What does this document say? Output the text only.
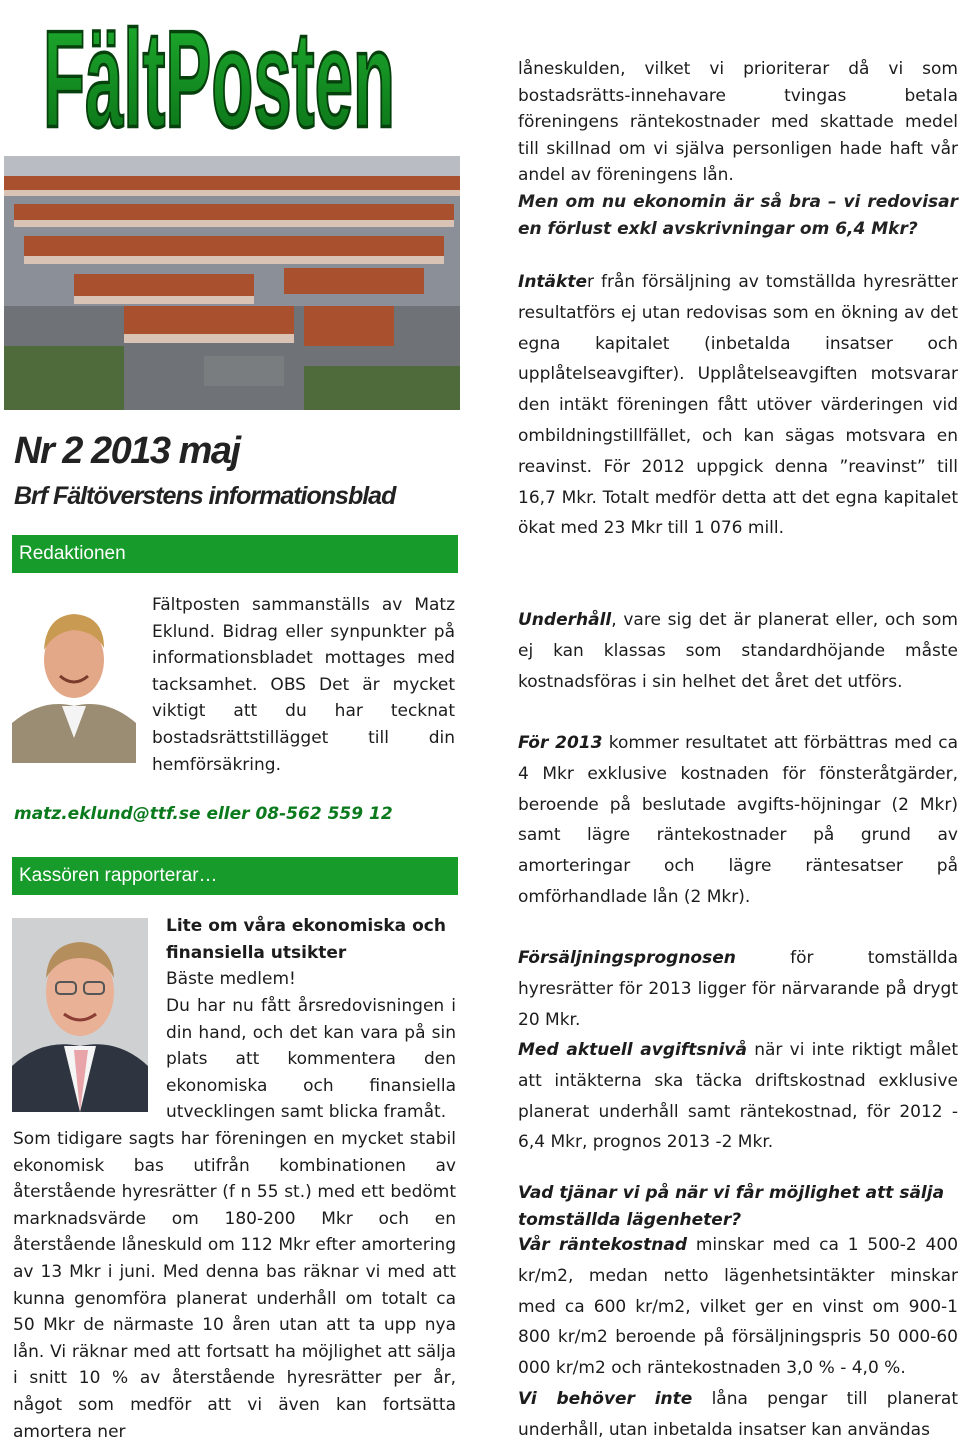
FältPosten
Nr 2 2013 maj
Brf Fältöverstens informationsblad
Redaktionen
Fältposten sammanställs av Matz Eklund. Bidrag eller synpunkter på informationsbladet mottages med tacksamhet. OBS Det är mycket viktigt att du har tecknat bostadsrättstillägget till din hemförsäkring.
matz.eklund@ttf.se eller 08-562 559 12
Kassören rapporterar…
Lite om våra ekonomiska och finansiella utsikter
Bäste medlem!
Du har nu fått årsredovisningen i din hand, och det kan vara på sin plats att kommentera den ekonomiska och finansiella utvecklingen samt blicka framåt.
Som tidigare sagts har föreningen en mycket stabil ekonomisk bas utifrån kombinationen av återstående hyresrätter (f n 55 st.) med ett bedömt marknadsvärde om 180-200 Mkr och en återstående låneskuld om 112 Mkr efter amortering av 13 Mkr i juni. Med denna bas räknar vi med att kunna genomföra planerat underhåll om totalt ca 50 Mkr de närmaste 10 åren utan att ta upp nya lån. Vi räknar med att fortsatt ha möjlighet att sälja i snitt 10 % av återstående hyresrätter per år, något som medför att vi även kan fortsätta amortera ner
låneskulden, vilket vi prioriterar då vi som bostadsrätts-innehavare tvingas betala föreningens räntekostnader med skattade medel till skillnad om vi själva personligen hade haft vår andel av föreningens lån.
Men om nu ekonomin är så bra – vi redovisar en förlust exkl avskrivningar om 6,4 Mkr?
Intäkter från försäljning av tomställda hyresrätter resultatförs ej utan redovisas som en ökning av det egna kapitalet (inbetalda insatser och upplåtelseavgifter). Upplåtelseavgiften motsvarar den intäkt föreningen fått utöver värderingen vid ombildningstillfället, och kan sägas motsvara en reavinst. För 2012 uppgick denna ”reavinst” till 16,7 Mkr. Totalt medför detta att det egna kapitalet ökat med 23 Mkr till 1 076 mill.
Underhåll, vare sig det är planerat eller, och som ej kan klassas som standardhöjande måste kostnadsföras i sin helhet det året det utförs.
För 2013 kommer resultatet att förbättras med ca 4 Mkr exklusive kostnaden för fönsteråtgärder, beroende på beslutade avgifts-höjningar (2 Mkr) samt lägre räntekostnader på grund av amorteringar och lägre räntesatser på omförhandlade lån (2 Mkr).
Försäljningsprognosen för tomställda hyresrätter för 2013 ligger för närvarande på drygt 20 Mkr.
Med aktuell avgiftsnivå när vi inte riktigt målet att intäkterna ska täcka driftskostnad exklusive planerat underhåll samt räntekostnad, för 2012 - 6,4 Mkr, prognos 2013 -2 Mkr.
Vad tjänar vi på när vi får möjlighet att sälja tomställda lägenheter?
Vår räntekostnad minskar med ca 1 500-2 400 kr/m2, medan netto lägenhetsintäkter minskar med ca 600 kr/m2, vilket ger en vinst om 900-1 800 kr/m2 beroende på försäljningspris 50 000-60 000 kr/m2 och räntekostnaden 3,0 % - 4,0 %.
Vi behöver inte låna pengar till planerat underhåll, utan inbetalda insatser kan användas
